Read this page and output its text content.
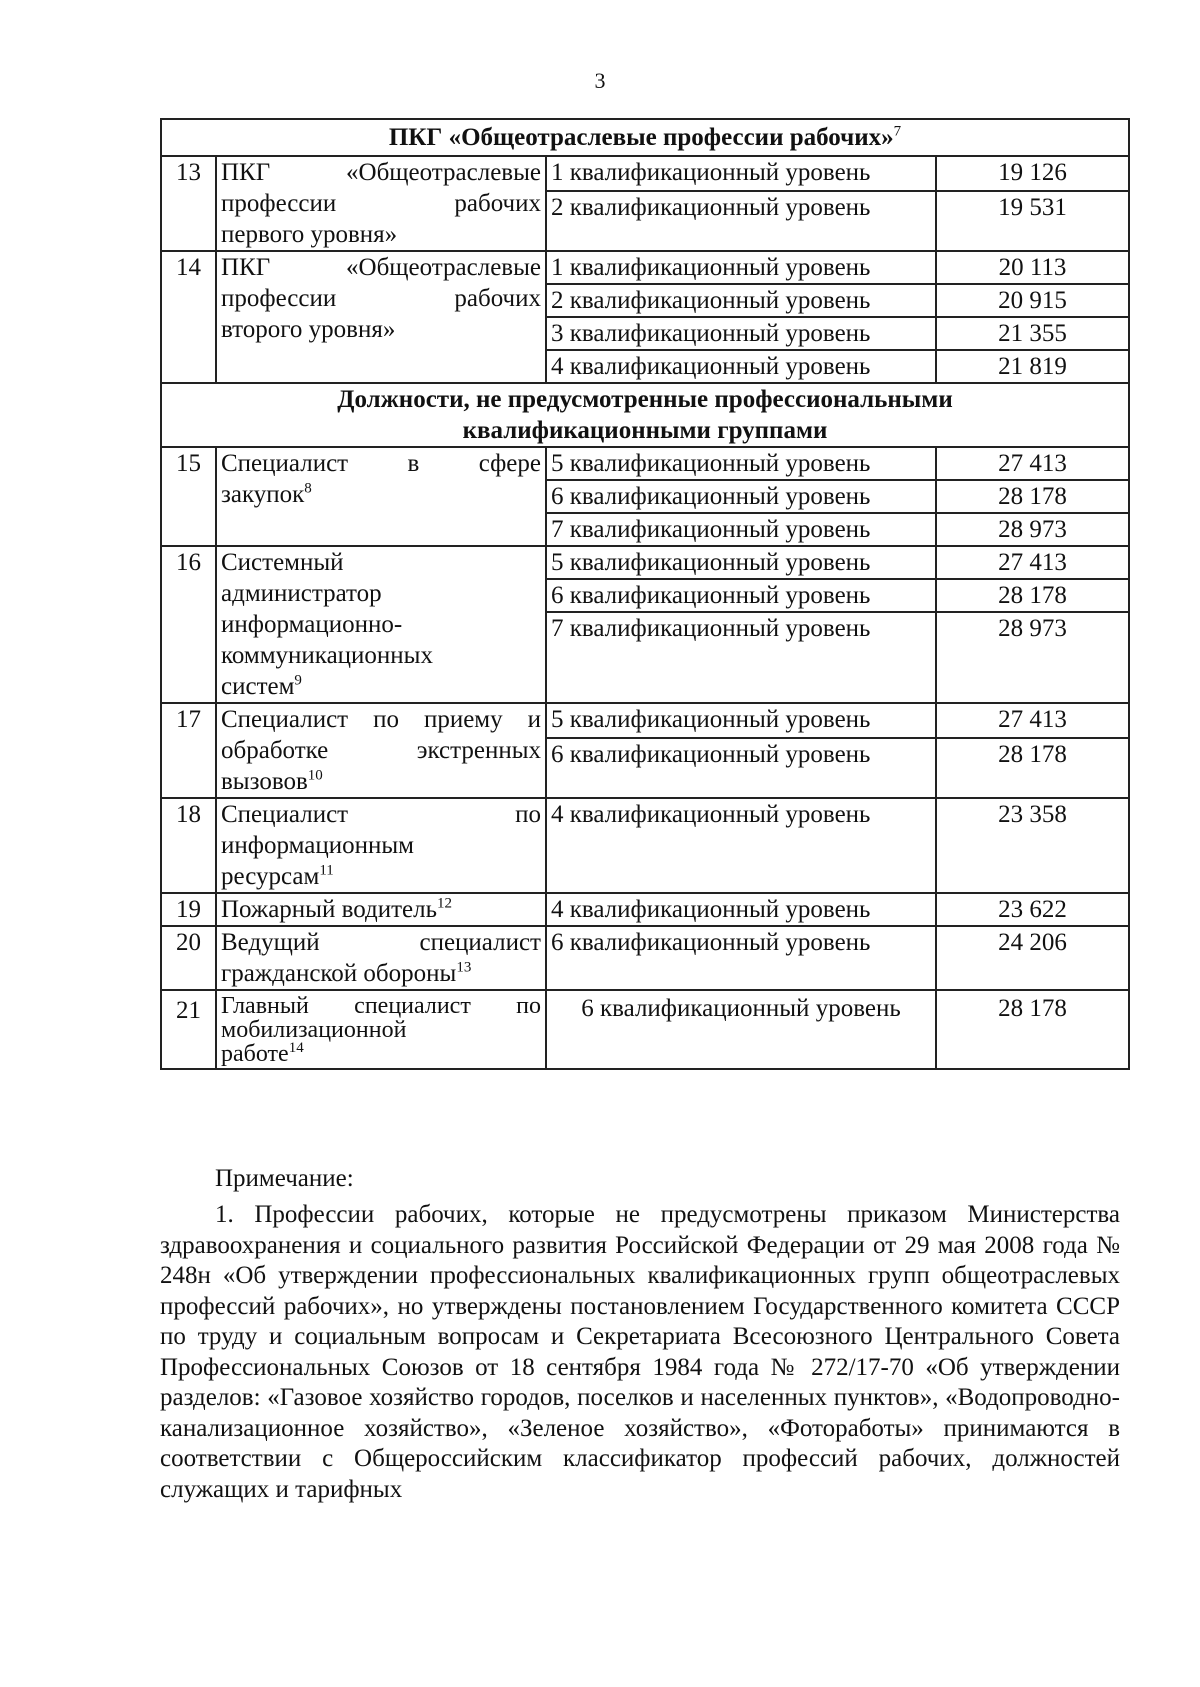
3
ПКГ «Общеотраслевые профессии рабочих»$^7$
13	ПКГ «Общеотраслевые
профессии рабочих
первого уровня»	1 квалификационный уровень	19 126
		2 квалификационный уровень	19 531
14	ПКГ «Общеотраслевые
профессии рабочих
второго уровня»	1 квалификационный уровень	20 113
		2 квалификационный уровень	20 915
		3 квалификационный уровень	21 355
		4 квалификационный уровень	21 819

Должности, не предусмотренные профессиональными
квалификационными группами			

15	Специалист в сфере
закупок$^8$	5 квалификационный уровень	27 413
		6 квалификационный уровень	28 178
		7 квалификационный уровень	28 973
16	Системный
администратор
информационно-
коммуникационных
систем$^9$	5 квалификационный уровень	27 413
		6 квалификационный уровень	28 178
		7 квалификационный уровень	28 973
17	Специалист по приему и
обработке экстренных
вызовов$^{10}$	5 квалификационный уровень	27 413
		6 квалификационный уровень	28 178
18	Специалист по
информационным
ресурсам$^{11}$	4 квалификационный уровень	23 358
19	Пожарный водитель$^{12}$	4 квалификационный уровень	23 622
20	Ведущий специалист
гражданской обороны$^{13}$	6 квалификационный уровень	24 206
21	Главный специалист по
мобилизационной
работе$^{14}$	6 квалификационный уровень	28 178
Примечание:

1. Профессии рабочих, которые не предусмотрены приказом Министерства здравоохранения и социального развития Российской Федерации от 29 мая 2008 года № 248н «Об утверждении профессиональных квалификационных групп общеотраслевых профессий рабочих», но утверждены постановлением Государственного комитета СССР по труду и социальным вопросам и Секретариата Всесоюзного Центрального Совета Профессиональных Союзов от 18 сентября 1984 года № 272/17-70 «Об утверждении разделов: «Газовое хозяйство городов, поселков и населенных пунктов», «Водопроводно-канализационное хозяйство», «Зеленое хозяйство», «Фотоработы» принимаются в соответствии с Общероссийским классификатор профессий рабочих, должностей служащих и тарифных
